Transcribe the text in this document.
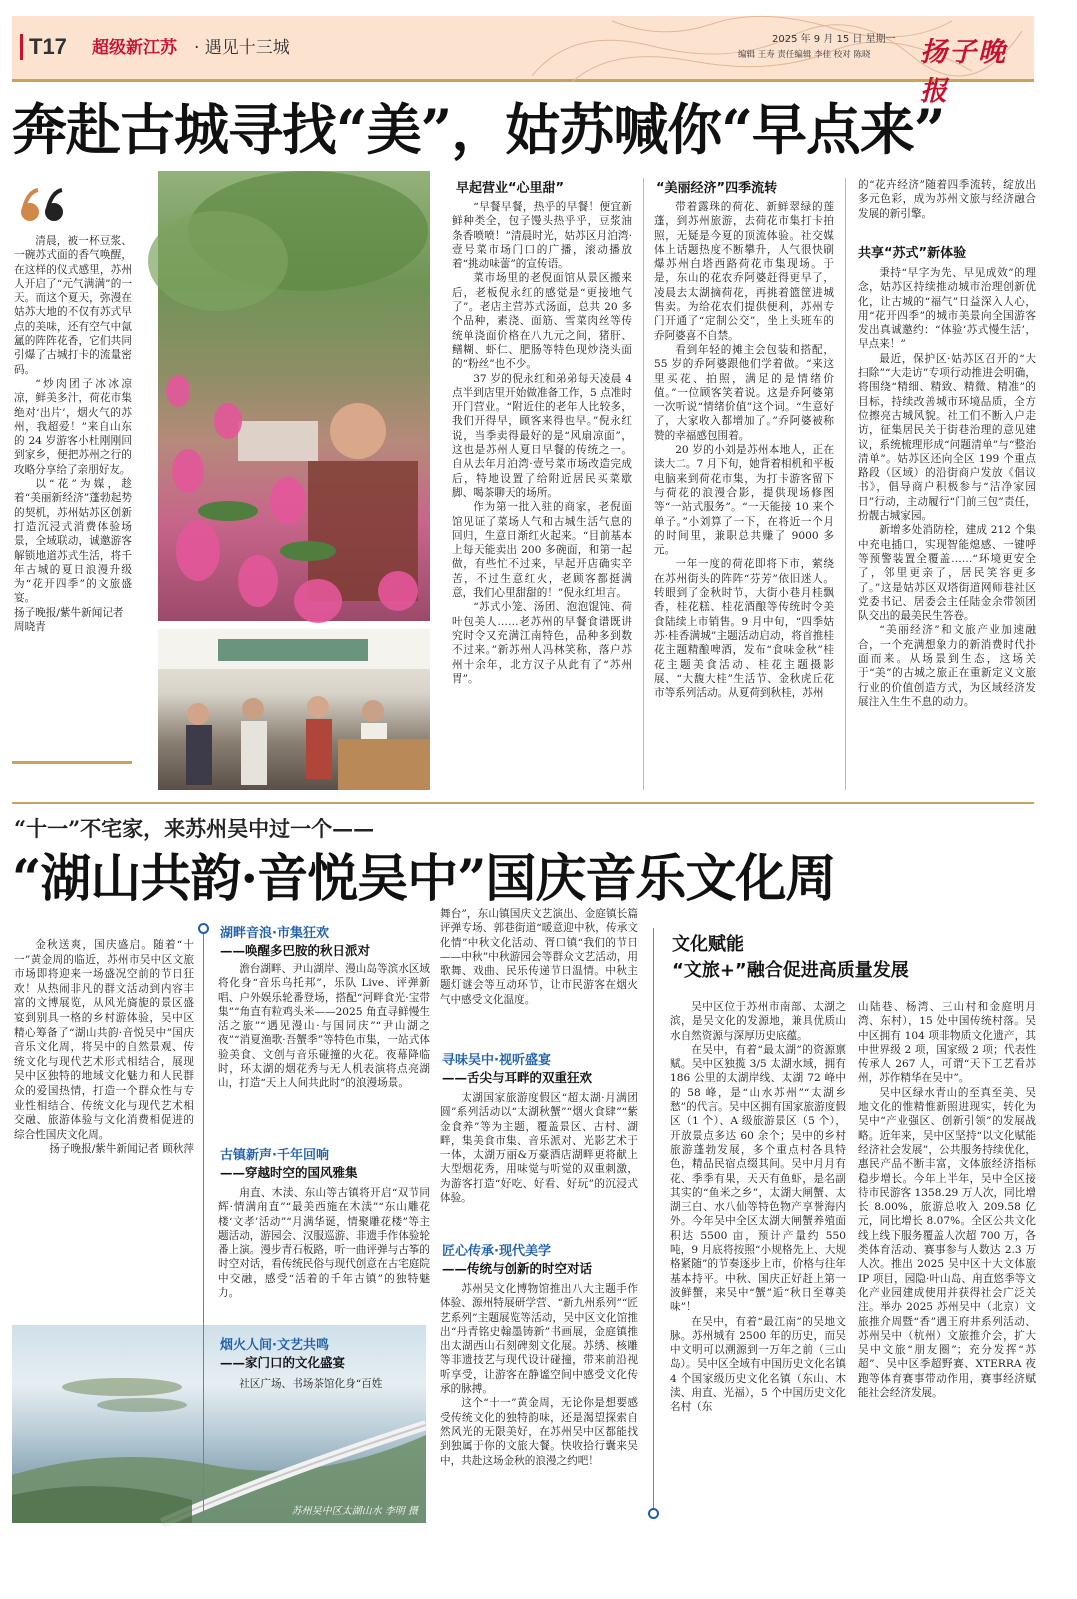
T17 超级新江苏 · 遇见十三城	2025 年 9 月 15 日 星期一
编辑 王寿 责任编辑 李佳 校对 陈晓 扬子晚报
奔赴古城寻找“美”，姑苏喊你“早点来”

清晨，被一杯豆浆、一碗苏式面的香气唤醒，在这样的仪式感里，苏州人开启了“元气满满”的一天。而这个夏天，弥漫在姑苏大地的不仅有苏式早点的美味，还有空气中氤氲的阵阵花香，它们共同引爆了古城打卡的流量密码。

“炒肉团子冰冰凉凉，鲜美多汁，荷花市集绝对‘出片’，烟火气的苏州，我超爱！”来自山东的 24 岁游客小杜刚刚回到家乡，便把苏州之行的攻略分享给了亲朋好友。

以“花”为媒，趁着“美丽新经济”蓬勃起势的契机，苏州姑苏区创新打造沉浸式消费体验场景，全域联动，诚邀游客解锁地道苏式生活，将千年古城的夏日浪漫升级为“花开四季”的文旅盛宴。

扬子晚报/紫牛新闻记者 周晓青

早起营业“心里甜”

“早餐早餐，热乎的早餐！便宜新鲜种类全，包子馒头热乎乎，豆浆油条香喷喷！”清晨时光，姑苏区月泊湾·壹号菜市场门口的广播，滚动播放着“挑动味蕾”的宣传语。

菜市场里的老倪面馆从景区搬来后，老板倪永红的感觉是“更接地气了”。老店主营苏式汤面，总共 20 多个品种，素浇、面筋、雪菜肉丝等传统单浇面价格在八九元之间，猪肝、鳝糊、虾仁、肥肠等特色现炒浇头面的“粉丝”也不少。

37 岁的倪永红和弟弟每天凌晨 4 点半到店里开始做准备工作，5 点准时开门营业。“附近住的老年人比较多，我们开得早，顾客来得也早。”倪永红说，当季卖得最好的是“风扇凉面”，这也是苏州人夏日早餐的传统之一。自从去年月泊湾·壹号菜市场改造完成后，特地设置了给附近居民买菜歇脚、喝茶聊天的场所。

作为第一批入驻的商家，老倪面馆见证了菜场人气和古城生活气息的回归，生意日渐红火起来。“目前基本上每天能卖出 200 多碗面，和第一起做，有些忙不过来，早起开店确实辛苦，不过生意红火，老顾客都挺满意，我们心里甜甜的！”倪永红坦言。

“苏式小笼、汤团、泡泡馄饨、荷叶包美人……老苏州的早餐食谱既讲究时令又充满江南特色，品种多到数不过来。”新苏州人冯林笑称，落户苏州十余年，北方汉子从此有了“苏州胃”。

“美丽经济”四季流转

带着露珠的荷花、新鲜翠绿的莲蓬，到苏州旅游，去荷花市集打卡拍照，无疑是今夏的顶流体验。社交媒体上话题热度不断攀升，人气很快刷爆苏州白塔西路荷花市集现场。于是，东山的花农乔阿婆赶得更早了，凌晨去太湖摘荷花，再挑着篮筐进城售卖。为给花农们提供便利，苏州专门开通了“定制公交”，坐上头班车的乔阿婆喜不自禁。

看到年轻的摊主会包装和搭配，55 岁的乔阿婆跟他们学着做。“来这里买花、拍照，满足的是情绪价值。”一位顾客笑着说。这是乔阿婆第一次听说“情绪价值”这个词。“生意好了，大家收入都增加了。”乔阿婆被称赞的幸福感包围着。

20 岁的小刘是苏州本地人，正在读大二。7 月下旬，她背着相机和平板电脑来到荷花市集，为打卡游客留下与荷花的浪漫合影，提供现场修图等“一站式服务”。“一天能接 10 来个单子。”小刘算了一下，在将近一个月的时间里，兼职总共赚了 9000 多元。

一年一度的荷花即将下市，萦绕在苏州街头的阵阵“芬芳”依旧迷人。转眼到了金秋时节，大街小巷月桂飘香，桂花糕、桂花酒酿等传统时令美食陆续上市销售。9 月中旬，“四季姑苏·桂香满城”主题活动启动，将首推桂花主题精酿啤酒，发布“食味金秋”桂花主题美食活动、桂花主题摄影展、“大馥大桂”生活节、金秋虎丘花市等系列活动。从夏荷到秋桂，苏州

的“花卉经济”随着四季流转，绽放出多元色彩，成为苏州文旅与经济融合发展的新引擎。

共享“苏式”新体验

秉持“早字为先、早见成效”的理念，姑苏区持续推动城市治理创新优化，让古城的“福气”日益深入人心，用“花开四季”的城市美景向全国游客发出真诚邀约：“体验‘苏式慢生活’，早点来！”

最近，保护区·姑苏区召开的“大扫除”“大走访”专项行动推进会明确，将围绕“精细、精致、精微、精准”的目标，持续改善城市环境品质，全方位擦亮古城风貌。社工们不断入户走访，征集居民关于街巷治理的意见建议，系统梳理形成“问题清单”与“整治清单”。姑苏区还向全区 199 个重点路段（区域）的沿街商户发放《倡议书》，倡导商户积极参与“洁净家园日”行动，主动履行“门前三包”责任，扮靓古城家园。

新增多处消防栓，建成 212 个集中充电插口，实现智能熄感、一键呼等预警装置全覆盖……“环境更安全了，邻里更亲了，居民笑容更多了。”这是姑苏区双塔街道网师巷社区党委书记、居委会主任陆金余带领团队交出的最美民生答卷。

“美丽经济”和文旅产业加速融合，一个充满想象力的新消费时代扑面而来。从场景到生态，这场关于“美”的古城之旅正在重新定义文旅行业的价值创造方式，为区域经济发展注入生生不息的动力。

“十一”不宅家，来苏州吴中过一个——
“湖山共韵·音悦吴中”国庆音乐文化周

金秋送爽，国庆盛启。随着“十一”黄金周的临近，苏州市吴中区文旅市场即将迎来一场盛况空前的节日狂欢！从热闹非凡的群文活动到内容丰富的文博展览，从风光旖旎的景区盛宴到别具一格的乡村游体验，吴中区精心筹备了“湖山共韵·音悦吴中”国庆音乐文化周，将吴中的自然景观、传统文化与现代艺术形式相结合，展现吴中区独特的地域文化魅力和人民群众的爱国热情，打造一个群众性与专业性相结合、传统文化与现代艺术相交融、旅游体验与文化消费相促进的综合性国庆文化周。

扬子晚报/紫牛新闻记者 顾秋萍

苏州吴中区太湖山水 李明 摄
湖畔音浪·市集狂欢
——唤醒多巴胺的秋日派对

澹台湖畔、尹山湖岸、漫山岛等滨水区域将化身“音乐乌托邦”，乐队 Live、评弹新唱、户外娱乐轮番登场，搭配“河畔食光·宝带集”“角直有粒鸡头米——2025 角直寻鲜慢生活之旅”“遇见漫山·与国同庆”“尹山湖之夜”“消夏渔歌·吾蟹季”等特色市集，一站式体验美食、文创与音乐碰撞的火花。夜幕降临时，环太湖的烟花秀与无人机表演将点亮湖山，打造“天上人间共此时”的浪漫场景。

古镇新声·千年回响
——穿越时空的国风雅集

甪直、木渎、东山等古镇将开启“双节同辉·情满甪直”“最美西施在木渎”“东山雕花楼‘文孝’活动”“月满华诞，情聚雕花楼”等主题活动，游园会、汉服巡游、非遗手作体验轮番上演。漫步青石板路，听一曲评弹与古筝的时空对话，看传统民俗与现代创意在古宅庭院中交融，感受“活着的千年古镇”的独特魅力。

烟火人间·文艺共鸣
——家门口的文化盛宴

社区广场、书场茶馆化身“百姓

舞台”，东山镇国庆文艺演出、金庭镇长篇评弹专场、郭巷街道“暖意迎中秋，传承文化情”中秋文化活动、胥口镇“我们的节日——中秋”中秋游园会等群众文艺活动，用歌舞、戏曲、民乐传递节日温情。中秋主题灯谜会等互动环节，让市民游客在烟火气中感受文化温度。

寻味吴中·视听盛宴
——舌尖与耳畔的双重狂欢

太湖国家旅游度假区“超太湖·月满团圆”系列活动以“太湖秋蟹”“烟火食肆”“紫金食养”等为主题，覆盖景区、古村、湖畔，集美食市集、音乐派对、光影艺术于一体，太湖万丽&万豪酒店湖畔更将献上大型烟花秀，用味觉与听觉的双重刺激，为游客打造“好吃、好看、好玩”的沉浸式体验。

匠心传承·现代美学
——传统与创新的时空对话

苏州吴文化博物馆推出八大主题手作体验、源州特展研学营、“新九州系列”“匠艺系列”主题展览等活动，吴中区文化馆推出“丹青铭史翰墨铸新”书画展，金庭镇推出太湖西山石刻碑刻文化展。苏绣、核雕等非遗技艺与现代设计碰撞，带来前沿视听享受，让游客在静谧空间中感受文化传承的脉搏。

这个“十一”黄金周，无论你是想要感受传统文化的独特韵味，还是渴望探索自然风光的无限美好，在苏州吴中区都能找到独属于你的文旅大餐。快收拾行囊来吴中，共赴这场金秋的浪漫之约吧！

文化赋能
“文旅+”融合促进高质量发展

吴中区位于苏州市南部、太湖之滨，是吴文化的发源地，兼具优质山水自然资源与深厚历史底蕴。

在吴中，有着“最太湖”的资源禀赋。吴中区独揽 3/5 太湖水域，拥有 186 公里的太湖岸线、太湖 72 峰中的 58 峰，是“山水苏州”“太湖乡愁”的代言。吴中区拥有国家旅游度假区（1 个）、A 级旅游景区（5 个），开放景点多达 60 余个；吴中的乡村旅游蓬勃发展，多个重点村各具特色，精品民宿点缀其间。吴中月月有花、季季有果，天天有鱼虾，是名副其实的“鱼米之乡”，太湖大闸蟹、太湖三白、水八仙等特色物产享誉海内外。今年吴中全区太湖大闸蟹养殖面积达 5500 亩，预计产量约 550 吨，9 月底将按照“小规格先上、大规格紧随”的节奏逐步上市，价格与往年基本持平。中秋、国庆正好赶上第一波鲜蟹，来吴中“蟹”逅“秋日至尊美味”！

在吴中，有着“最江南”的吴地文脉。苏州城有 2500 年的历史，而吴中文明可以溯源到一万年之前（三山岛）。吴中区全域有中国历史文化名镇 4 个国家级历史文化名镇（东山、木渎、甪直、光福），5 个中国历史文化名村（东

山陆巷、杨湾、三山村和金庭明月湾、东村），15 处中国传统村落。吴中区拥有 104 项非物质文化遗产，其中世界级 2 项，国家级 2 项；代表性传承人 267 人，可谓“天下工艺看苏州，苏作精华在吴中”。

吴中区绿水青山的至真至美、吴地文化的惟精惟新照进现实，转化为吴中“产业强区、创新引领”的发展战略。近年来，吴中区坚持“以文化赋能经济社会发展”，公共服务持续优化，惠民产品不断丰富，文体旅经济指标稳步增长。今年上半年，吴中全区接待市民游客 1358.29 万人次，同比增长 8.00%，旅游总收入 209.58 亿元，同比增长 8.07%。全区公共文化线上线下服务覆盖人次超 700 万，各类体育活动、赛事参与人数达 2.3 万人次。推出 2025 吴中区十大文体旅 IP 项目，园隐·叶山岛、甪直悠季等文化产业园建成使用并获得社会广泛关注。举办 2025 苏州吴中（北京）文旅推介周暨“香”遇王府井系列活动、苏州吴中（杭州）文旅推介会，扩大吴中文旅“朋友圈”；充分发挥“苏超”、吴中区季超野赛、XTERRA 夜跑等体育赛事带动作用，赛事经济赋能社会经济发展。
